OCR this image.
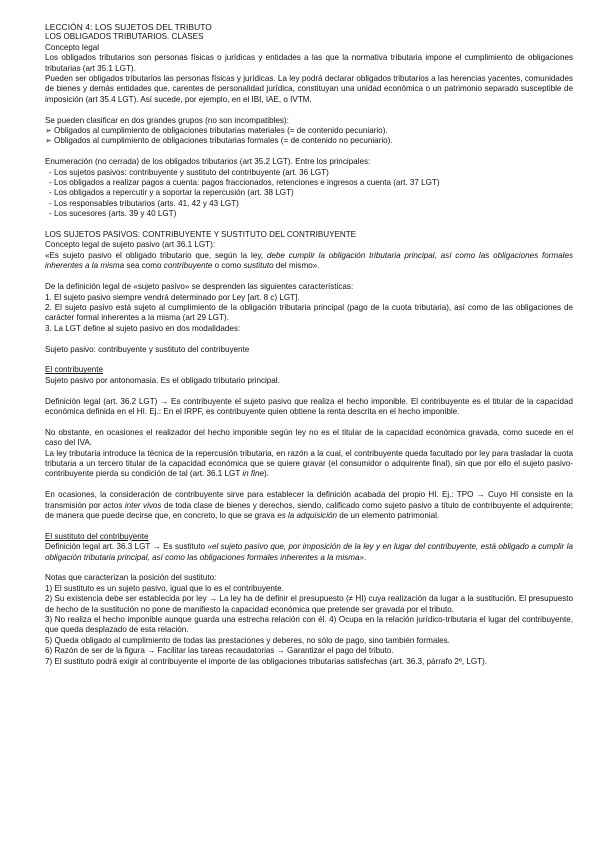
LECCIÓN 4: LOS SUJETOS DEL TRIBUTO

LOS OBLIGADOS TRIBUTARIOS. CLASES

Concepto legal

Los obligados tributarios son personas físicas o jurídicas y entidades a las que la normativa tributaria impone el cumplimiento de obligaciones tributarias (art 35.1 LGT).

Pueden ser obligados tributarios las personas físicas y jurídicas. La ley podrá declarar obligados tributarios a las herencias yacentes, comunidades de bienes y demás entidades que, carentes de personalidad jurídica, constituyan una unidad económica o un patrimonio separado susceptible de imposición (art 35.4 LGT). Así sucede, por ejemplo, en el IBI, IAE, o IVTM.

Se pueden clasificar en dos grandes grupos (no son incompatibles):

➢ Obligados al cumplimiento de obligaciones tributarias materiales (= de contenido pecuniario).

➢ Obligados al cumplimiento de obligaciones tributarias formales (= de contenido no pecuniario).

Enumeración (no cerrada) de los obligados tributarios (art 35.2 LGT). Entre los principales:

- Los sujetos pasivos: contribuyente y sustituto del contribuyente (art. 36 LGT)

- Los obligados a realizar pagos a cuenta: pagos fraccionados, retenciones e ingresos a cuenta (art. 37 LGT)

- Los obligados a repercutir y a soportar la repercusión (art. 38 LGT)

- Los responsables tributarios (arts. 41, 42 y 43 LGT)

- Los sucesores (arts. 39 y 40 LGT)

LOS SUJETOS PASIVOS: CONTRIBUYENTE Y SUSTITUTO DEL CONTRIBUYENTE

Concepto legal de sujeto pasivo (art 36.1 LGT):

«Es sujeto pasivo el obligado tributario que, según la ley, debe cumplir la obligación tributaria principal, así como las obligaciones formales inherentes a la misma sea como contribuyente o como sustituto del mismo».

De la definición legal de «sujeto pasivo» se desprenden las siguientes características:

1. El sujeto pasivo siempre vendrá determinado por Ley [art. 8 c) LGT].

2. El sujeto pasivo está sujeto al cumplimiento de la obligación tributaria principal (pago de la cuota tributaria), así como de las obligaciones de carácter formal inherentes a la misma (art 29 LGT).

3. La LGT define al sujeto pasivo en dos modalidades:

Sujeto pasivo: contribuyente y sustituto del contribuyente

El contribuyente

Sujeto pasivo por antonomasia. Es el obligado tributario principal.

Definición legal (art. 36.2 LGT) → Es contribuyente el sujeto pasivo que realiza el hecho imponible. El contribuyente es el titular de la capacidad económica definida en el HI. Ej.: En el IRPF, es contribuyente quien obtiene la renta descrita en el hecho imponible.

No obstante, en ocasiones el realizador del hecho imponible según ley no es el titular de la capacidad económica gravada, como sucede en el caso del IVA.

La ley tributaria introduce la técnica de la repercusión tributaria, en razón a la cual, el contribuyente queda facultado por ley para trasladar la cuota tributaria a un tercero titular de la capacidad económica que se quiere gravar (el consumidor o adquirente final), sin que por ello el sujeto pasivo- contribuyente pierda su condición de tal (art. 36.1 LGT in fine).

En ocasiones, la consideración de contribuyente sirve para establecer la definición acabada del propio HI. Ej.: TPO → Cuyo HI consiste en la transmisión por actos inter vivos de toda clase de bienes y derechos, siendo, calificado como sujeto pasivo a título de contribuyente el adquirente; de manera que puede decirse que, en concreto, lo que se grava es la adquisición de un elemento patrimonial.

El sustituto del contribuyente

Definición legal art. 36.3 LGT → Es sustituto «el sujeto pasivo que, por imposición de la ley y en lugar del contribuyente, está obligado a cumplir la obligación tributaria principal, así como las obligaciones formales inherentes a la misma».

Notas que caracterizan la posición del sustituto:

1) El sustituto es un sujeto pasivo, igual que lo es el contribuyente.

2) Su existencia debe ser establecida por ley → La ley ha de definir el presupuesto (≠ HI) cuya realización da lugar a la sustitución. El presupuesto de hecho de la sustitución no pone de manifiesto la capacidad económica que pretende ser gravada por el tributo.

3) No realiza el hecho imponible aunque guarda una estrecha relación con él. 4) Ocupa en la relación jurídico-tributaria el lugar del contribuyente, que queda desplazado de esta relación.

5) Queda obligado al cumplimiento de todas las prestaciones y deberes, no sólo de pago, sino también formales.

6) Razón de ser de la figura → Facilitar las tareas recaudatorias → Garantizar el pago del tributo.

7) El sustituto podrá exigir al contribuyente el importe de las obligaciones tributarias satisfechas (art. 36.3, párrafo 2º, LGT).
